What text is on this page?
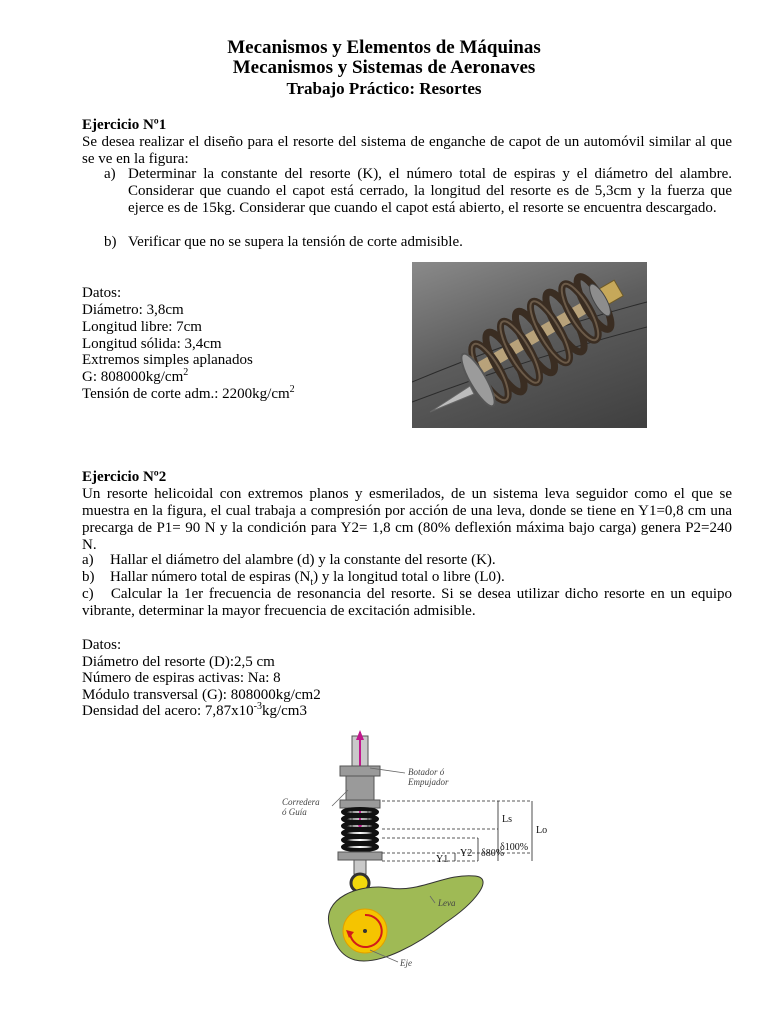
Mecanismos y Elementos de Máquinas
Mecanismos y Sistemas de Aeronaves
Trabajo Práctico: Resortes
Ejercicio Nº1
Se desea realizar el diseño para el resorte del sistema de enganche de capot de un automóvil similar al que se ve en la figura:
a) Determinar la constante del resorte (K), el número total de espiras y el diámetro del alambre. Considerar que cuando el capot está cerrado, la longitud del resorte es de 5,3cm y la fuerza que ejerce es de 15kg. Considerar que cuando el capot está abierto, el resorte se encuentra descargado.
b) Verificar que no se supera la tensión de corte admisible.
Datos:
Diámetro: 3,8cm
Longitud libre: 7cm
Longitud sólida: 3,4cm
Extremos simples aplanados
G: $808000kg/cm^2$
Tensión de corte adm.: $2200kg/cm^2$
Ejercicio Nº2
Un resorte helicoidal con extremos planos y esmerilados, de un sistema leva seguidor como el que se muestra en la figura, el cual trabaja a compresión por acción de una leva, donde se tiene en Y1=0,8 cm una precarga de P1= 90 N y la condición para Y2= 1,8 cm (80% deflexión máxima bajo carga) genera P2=240 N.
a) Hallar el diámetro del alambre (d) y la constante del resorte (K).
b) Hallar número total de espiras $(N_t)$ y la longitud total o libre (L0).
c) Calcular la 1er frecuencia de resonancia del resorte. Si se desea utilizar dicho resorte en un equipo vibrante, determinar la mayor frecuencia de excitación admisible.
Datos:
Diámetro del resorte (D):2,5 cm
Número de espiras activas: Na: 8
Módulo transversal (G): 808000kg/cm2
Densidad del acero: $7,87x10^{-3}kg/cm3$
Botador ó
Empujador
Corredera
ó Guía
Leva
Eje
Ls
Lo
δ100%
Y2 δ80%
Y1
